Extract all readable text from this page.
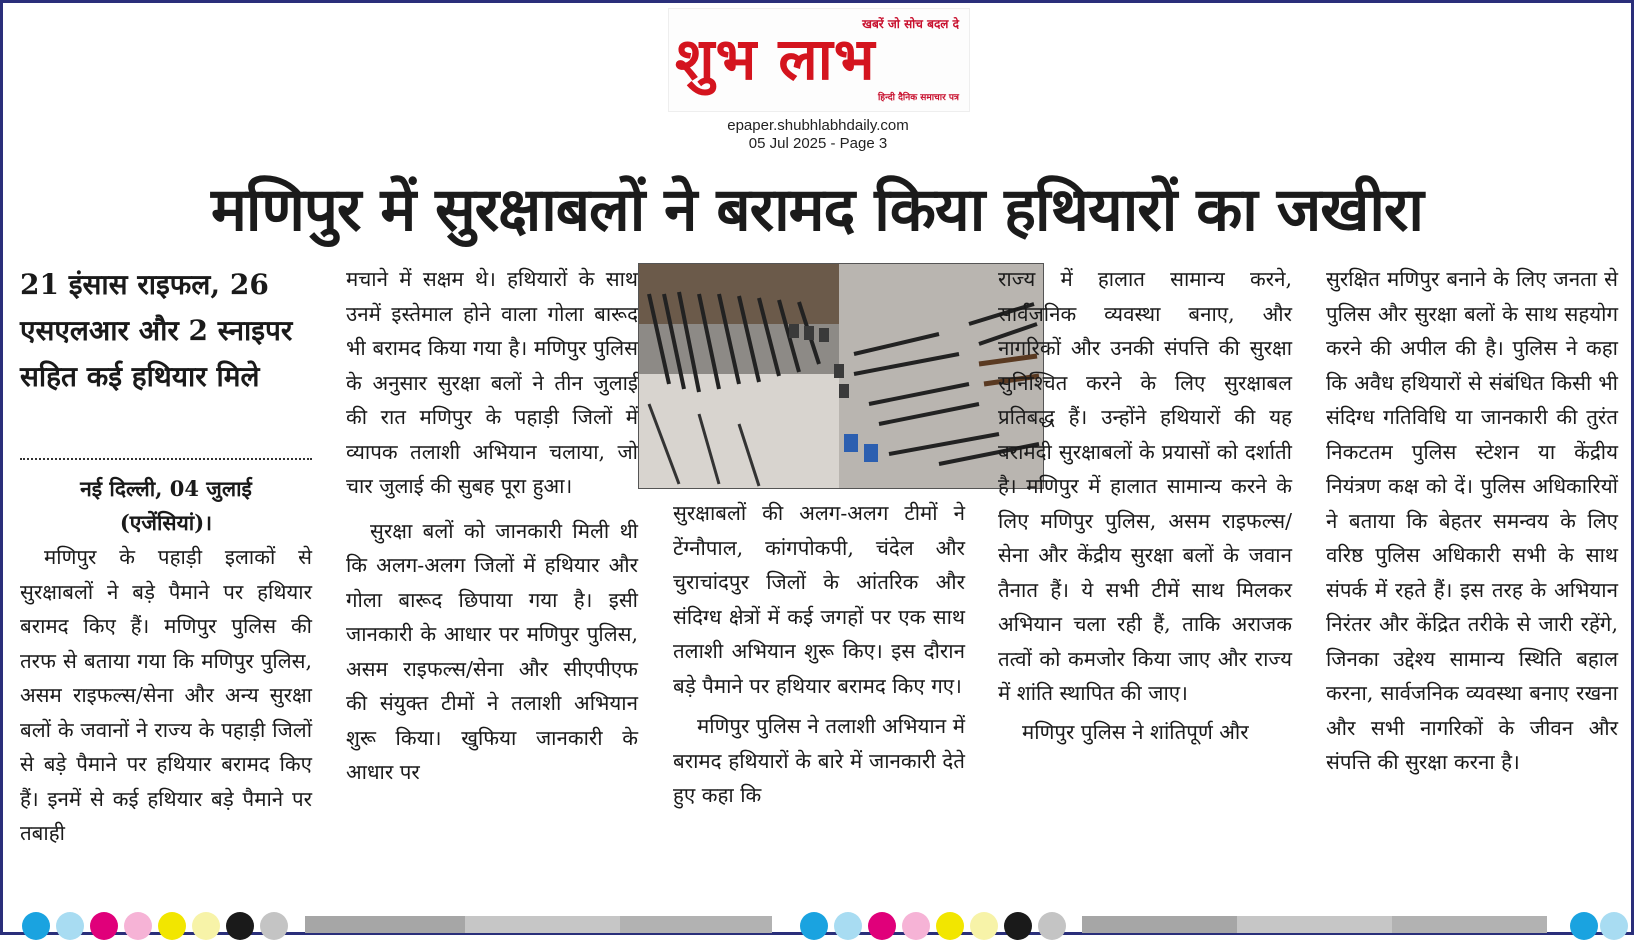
खबरें जो सोच बदल दे
शुभ लाभ
हिन्दी दैनिक समाचार पत्र
epaper.shubhlabhdaily.com
05 Jul 2025 - Page 3
मणिपुर में सुरक्षाबलों ने बरामद किया हथियारों का जखीरा
21 इंसास राइफल, 26 एसएलआर और 2 स्नाइपर सहित कई हथियार मिले
नई दिल्ली, 04 जुलाई
(एजेंसियां)।

मणिपुर के पहाड़ी इलाकों से सुरक्षाबलों ने बड़े पैमाने पर हथियार बरामद किए हैं। मणिपुर पुलिस की तरफ से बताया गया कि मणिपुर पुलिस, असम राइफल्स/सेना और अन्य सुरक्षा बलों के जवानों ने राज्य के पहाड़ी जिलों से बड़े पैमाने पर हथियार बरामद किए हैं। इनमें से कई हथियार बड़े पैमाने पर तबाही

मचाने में सक्षम थे। हथियारों के साथ उनमें इस्तेमाल होने वाला गोला बारूद भी बरामद किया गया है। मणिपुर पुलिस के अनुसार सुरक्षा बलों ने तीन जुलाई की रात मणिपुर के पहाड़ी जिलों में व्यापक तलाशी अभियान चलाया, जो चार जुलाई की सुबह पूरा हुआ।

सुरक्षा बलों को जानकारी मिली थी कि अलग-अलग जिलों में हथियार और गोला बारूद छिपाया गया है। इसी जानकारी के आधार पर मणिपुर पुलिस, असम राइफल्स/सेना और सीएपीएफ की संयुक्त टीमों ने तलाशी अभियान शुरू किया। खुफिया जानकारी के आधार पर

सुरक्षाबलों की अलग-अलग टीमों ने टेंग्नौपाल, कांगपोकपी, चंदेल और चुराचांदपुर जिलों के आंतरिक और संदिग्ध क्षेत्रों में कई जगहों पर एक साथ तलाशी अभियान शुरू किए। इस दौरान बड़े पैमाने पर हथियार बरामद किए गए।

मणिपुर पुलिस ने तलाशी अभियान में बरामद हथियारों के बारे में जानकारी देते हुए कहा कि

राज्य में हालात सामान्य करने, सार्वजनिक व्यवस्था बनाए, और नागरिकों और उनकी संपत्ति की सुरक्षा सुनिश्चित करने के लिए सुरक्षाबल प्रतिबद्ध हैं। उन्होंने हथियारों की यह बरामदी सुरक्षाबलों के प्रयासों को दर्शाती है। मणिपुर में हालात सामान्य करने के लिए मणिपुर पुलिस, असम राइफल्स/सेना और केंद्रीय सुरक्षा बलों के जवान तैनात हैं। ये सभी टीमें साथ मिलकर अभियान चला रही हैं, ताकि अराजक तत्वों को कमजोर किया जाए और राज्य में शांति स्थापित की जाए।

मणिपुर पुलिस ने शांतिपूर्ण और

सुरक्षित मणिपुर बनाने के लिए जनता से पुलिस और सुरक्षा बलों के साथ सहयोग करने की अपील की है। पुलिस ने कहा कि अवैध हथियारों से संबंधित किसी भी संदिग्ध गतिविधि या जानकारी की तुरंत निकटतम पुलिस स्टेशन या केंद्रीय नियंत्रण कक्ष को दें। पुलिस अधिकारियों ने बताया कि बेहतर समन्वय के लिए वरिष्ठ पुलिस अधिकारी सभी के साथ संपर्क में रहते हैं। इस तरह के अभियान निरंतर और केंद्रित तरीके से जारी रहेंगे, जिनका उद्देश्य सामान्य स्थिति बहाल करना, सार्वजनिक व्यवस्था बनाए रखना और सभी नागरिकों के जीवन और संपत्ति की सुरक्षा करना है।
